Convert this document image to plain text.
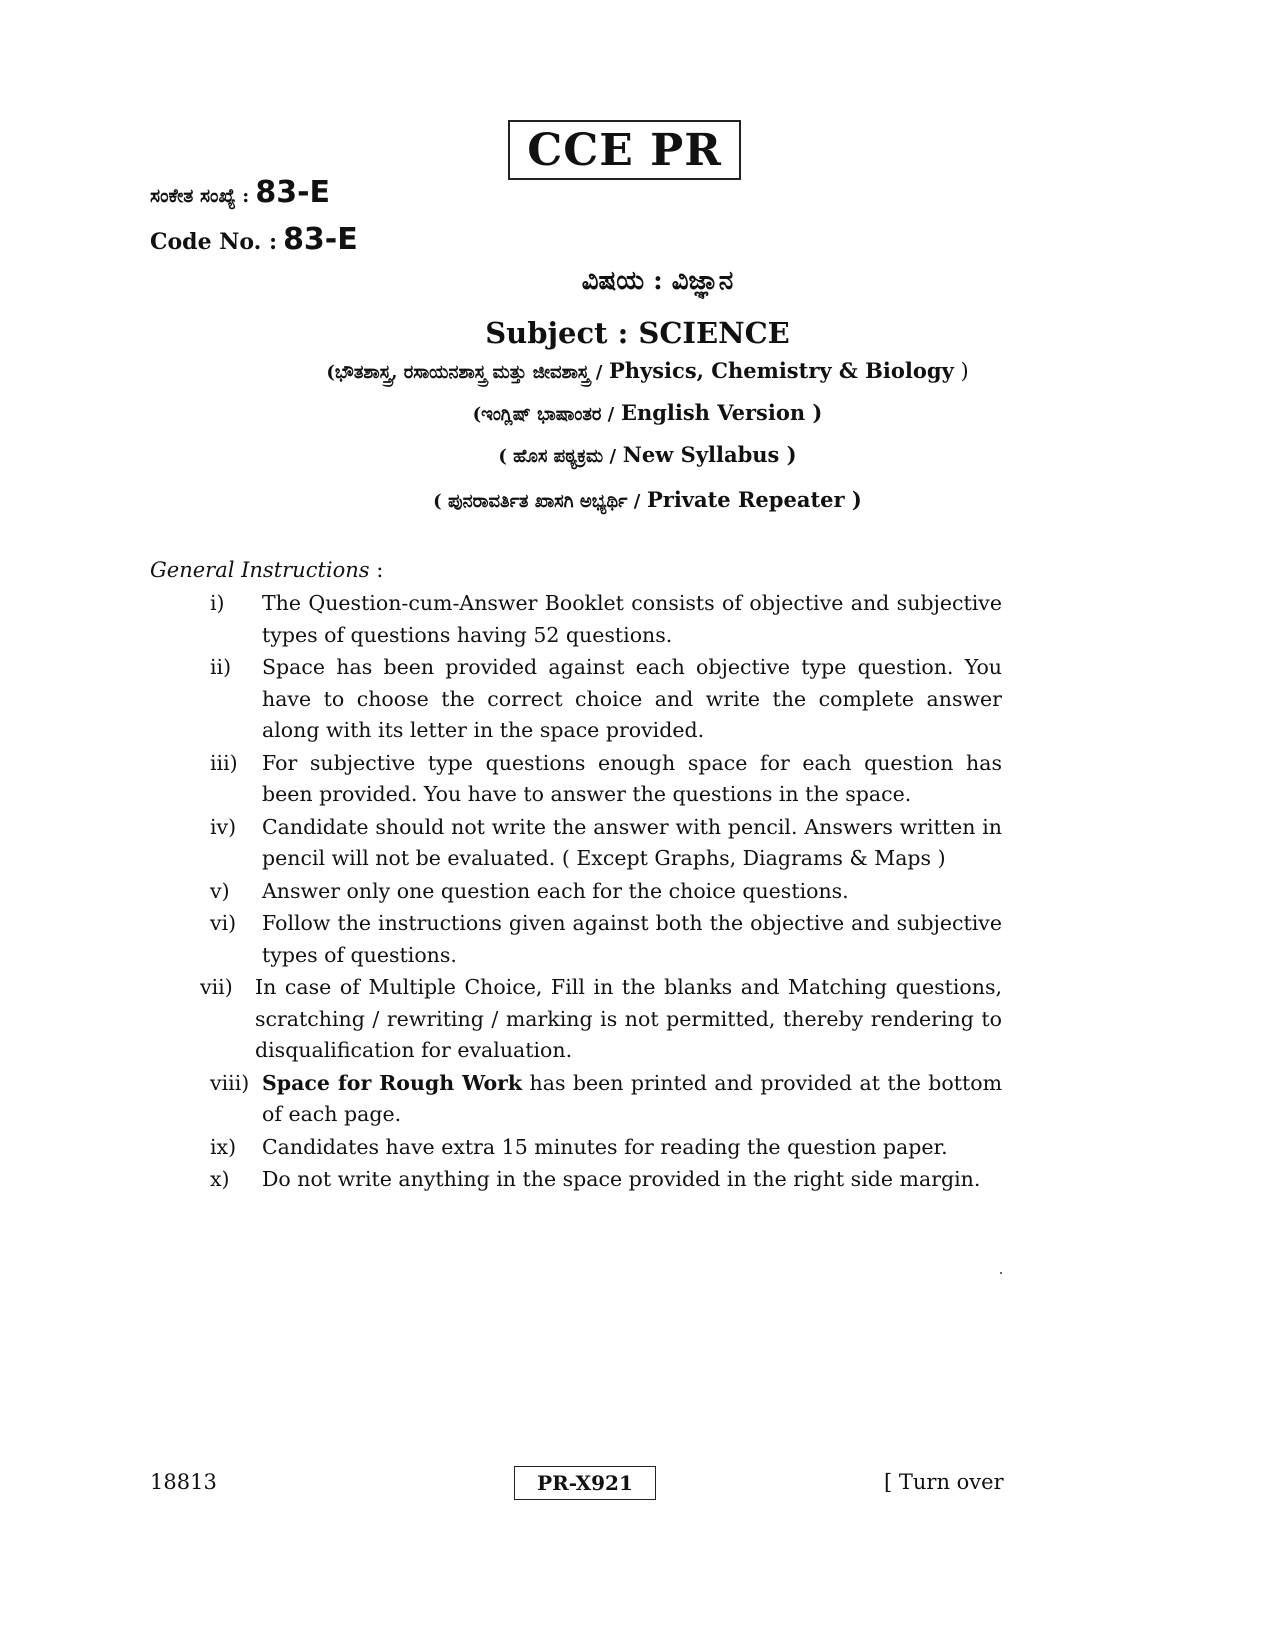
CCE PR
ಸಂಕೇತ ಸಂಖ್ಯೆ : 83-E
Code No. : 83-E
ವಿಷಯ : ವಿಜ್ಞಾನ
Subject : SCIENCE
(ಭೌತಶಾಸ್ತ್ರ, ರಸಾಯನಶಾಸ್ತ್ರ ಮತ್ತು ಜೀವಶಾಸ್ತ್ರ / Physics, Chemistry & Biology )
(ಇಂಗ್ಲಿಷ್ ಭಾಷಾಂತರ / English Version )
( ಹೊಸ ಪಠ್ಯಕ್ರಮ / New Syllabus )
( ಪುನರಾವರ್ತಿತ ಖಾಸಗಿ ಅಭ್ಯರ್ಥಿ / Private Repeater )
General Instructions :
i) The Question-cum-Answer Booklet consists of objective and subjective types of questions having 52 questions.
ii) Space has been provided against each objective type question. You have to choose the correct choice and write the complete answer along with its letter in the space provided.
iii) For subjective type questions enough space for each question has been provided. You have to answer the questions in the space.
iv) Candidate should not write the answer with pencil. Answers written in pencil will not be evaluated. ( Except Graphs, Diagrams & Maps )
v) Answer only one question each for the choice questions.
vi) Follow the instructions given against both the objective and subjective types of questions.
vii) In case of Multiple Choice, Fill in the blanks and Matching questions, scratching / rewriting / marking is not permitted, thereby rendering to disqualification for evaluation.
viii) Space for Rough Work has been printed and provided at the bottom of each page.
ix) Candidates have extra 15 minutes for reading the question paper.
x) Do not write anything in the space provided in the right side margin.
18813	PR-X921	[ Turn over
